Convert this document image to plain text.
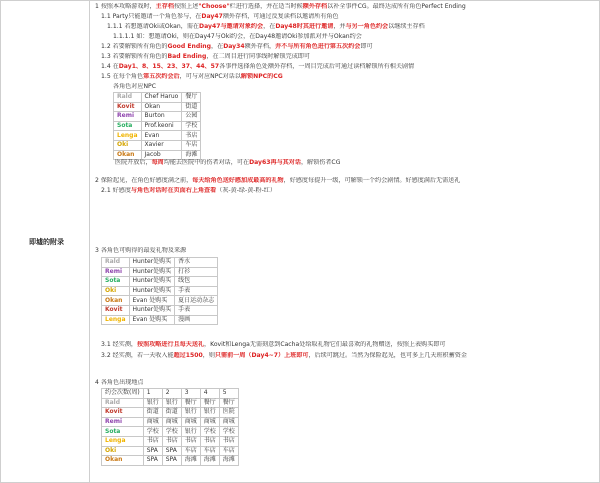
即墟的附录
1 按照本攻略游戏时，主存档按照上述"Choose"栏进行选择，并在适当时候额外存档以补全事件CG。最终达成所有角色Perfect Ending
1.1 Party只能邀请一个角色参与，在Day47额外存档，可通过反复读档以邀请所有角色
1.1.1 若想邀请Oki或Okan，需在Day47与邀请对象约会，在Day48时其进行邀请，并与另一角色约会以继续主存档
1.1.1.1 如：想邀请Oki，则在Day47与Oki约会，在Day48邀请Oki参加派对并与Okan约会
1.2 若要解锁所有角色的Good Ending，在Day34额外存档，并不与所有角色进行第五次约会即可
1.3 若要解锁所有角色的Bad Ending，在二周目进行同事线时解锁完成即可
1.4 在Day1、8、15、23、37、44、57各事件选择角色处额外存档，一周目完成后可通过读档解锁所有相关剧情
1.5 在每个角色第五次约会后，可与对应NPC对话以解锁NPC的CG
各角色对应NPC
Rald	Chef Haruo	餐厅
Kovit	Okan	街道
Remi	Burton	公园
Sota	Prof.keoni	学校
Lenga	Evan	书店
Oki	Xavier	车店
Okan	Jacob	海滩
医院开放后，每周均能去医院中的伤者对话，可在Day63再与其对话，解锁伤者CG
2 保险起见，在角色好感度满之前，每天给角色送好感加成最高的礼物，好感度每提升一级，可解锁一个约会剧情。好感度满后无需送礼
2.1 好感度与角色对话时在页面右上角查看（灰-黄-绿-黄-粉-红）
3 各角色可购得的最爱礼物及来源
Rald	Hunter处购买	香水
Remi	Hunter处购买	打衫
Sota	Hunter处购买	线包
Oki	Hunter处购买	手表
Okan	Evan 处购买	夏日运动杂志
Kovit	Hunter处购买	手表
Lenga	Evan 处购买	漫画
3.1 经实测，按照攻略进行且每天送礼，Kovit和Lenga无需刻意到Cacha处给取礼物它们最喜欢的礼物赠送，按照上表购买即可
3.2 经实测，若一天收入能超过1500，则只需前一周（Day4~7）上班即可，后续可跳过。当然为保险起见，也可多上几天班积蓄资金
4 各角色出现地点
约会次数(周)	1	2	3	4	5
Rald	银行	银行	餐厅	餐厅	餐厅
Kovit	街道	街道	银行	银行	医院
Remi	商城	商城	商城	商城	商城
Sota	学校	学校	银行	学校	学校
Lenga	书店	书店	书店	书店	书店
Oki	SPA	SPA	车店	车店	车店
Okan	SPA	SPA	海滩	海滩	海滩
